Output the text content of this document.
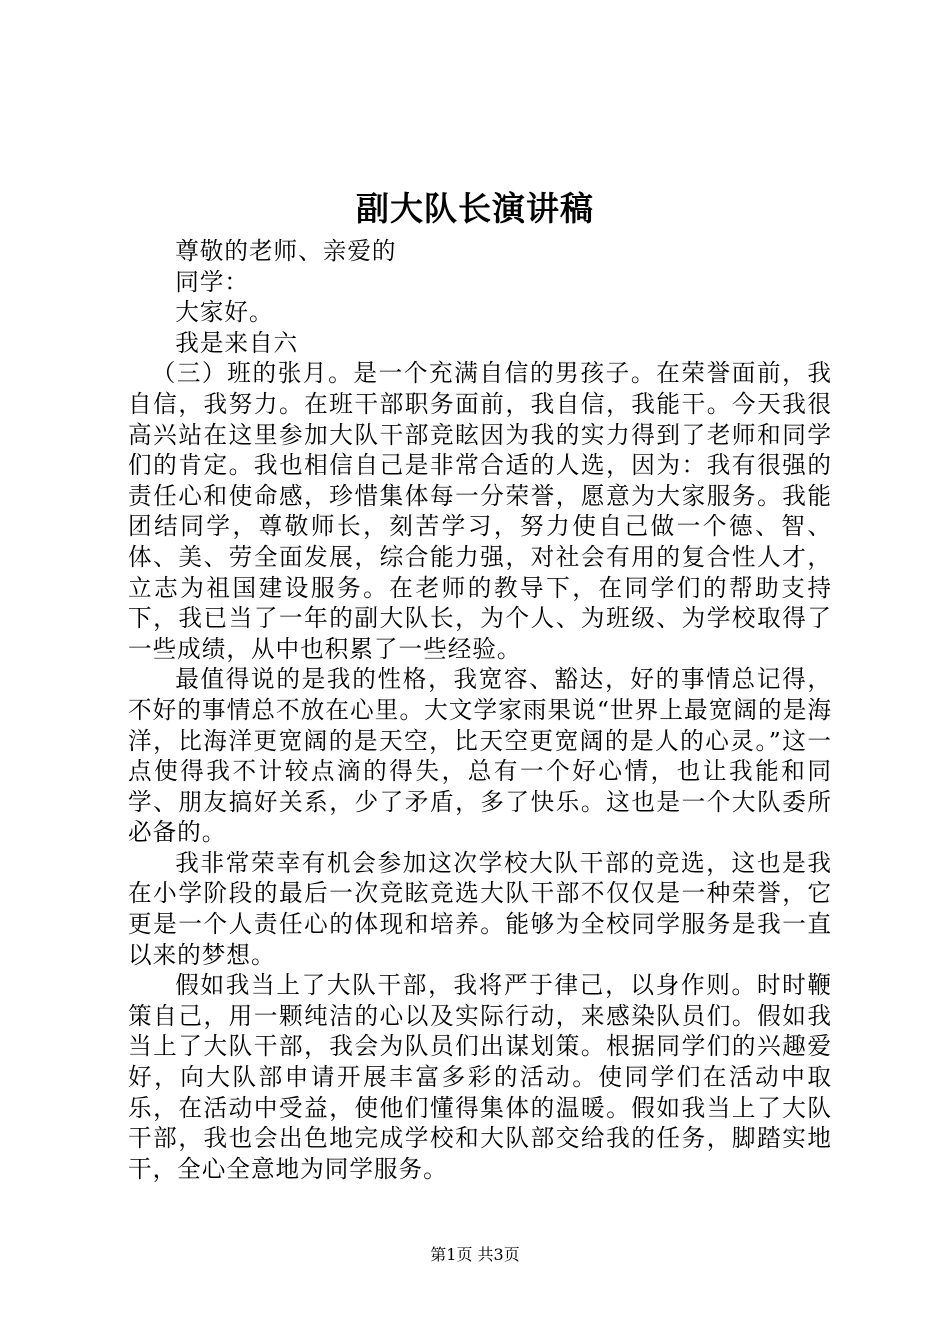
副大队长演讲稿

尊敬的老师、亲爱的

同学：

大家好。

我是来自六

（三）班的张月。是一个充满自信的男孩子。在荣誉面前，我自信，我努力。在班干部职务面前，我自信，我能干。今天我很高兴站在这里参加大队干部竞眩因为我的实力得到了老师和同学们的肯定。我也相信自己是非常合适的人选，因为：我有很强的责任心和使命感，珍惜集体每一分荣誉，愿意为大家服务。我能团结同学，尊敬师长，刻苦学习，努力使自己做一个德、智、体、美、劳全面发展，综合能力强，对社会有用的复合性人才，立志为祖国建设服务。在老师的教导下，在同学们的帮助支持下，我已当了一年的副大队长，为个人、为班级、为学校取得了一些成绩，从中也积累了一些经验。

最值得说的是我的性格，我宽容、豁达，好的事情总记得，不好的事情总不放在心里。大文学家雨果说“世界上最宽阔的是海洋，比海洋更宽阔的是天空，比天空更宽阔的是人的心灵。”这一点使得我不计较点滴的得失，总有一个好心情，也让我能和同学、朋友搞好关系，少了矛盾，多了快乐。这也是一个大队委所必备的。

我非常荣幸有机会参加这次学校大队干部的竞选，这也是我在小学阶段的最后一次竞眩竞选大队干部不仅仅是一种荣誉，它更是一个人责任心的体现和培养。能够为全校同学服务是我一直以来的梦想。

假如我当上了大队干部，我将严于律己，以身作则。时时鞭策自己，用一颗纯洁的心以及实际行动，来感染队员们。假如我当上了大队干部，我会为队员们出谋划策。根据同学们的兴趣爱好，向大队部申请开展丰富多彩的活动。使同学们在活动中取乐，在活动中受益，使他们懂得集体的温暖。假如我当上了大队干部，我也会出色地完成学校和大队部交给我的任务，脚踏实地干，全心全意地为同学服务。

第1页 共3页
